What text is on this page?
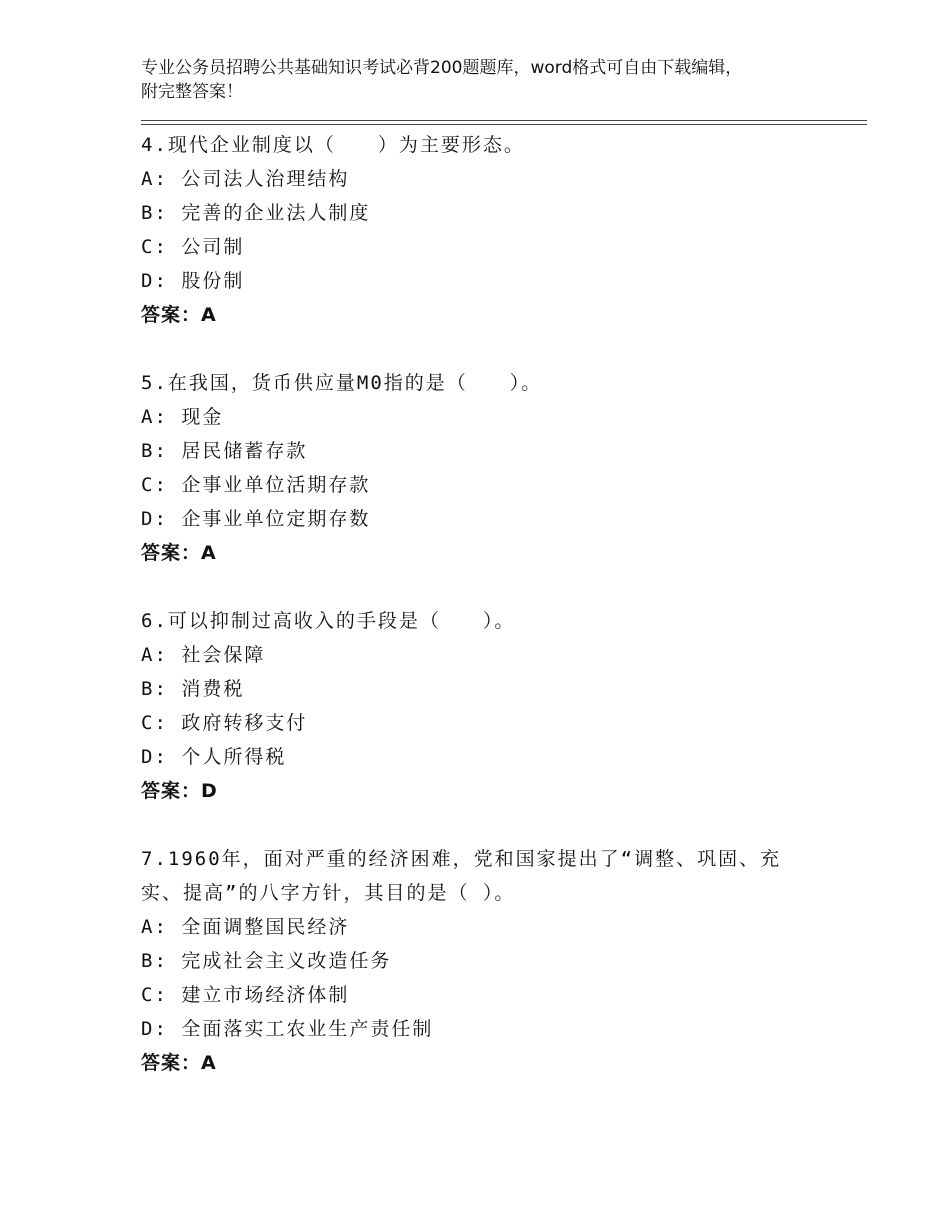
专业公务员招聘公共基础知识考试必背200题题库，word格式可自由下载编辑，
附完整答案！
4.现代企业制度以（　　）为主要形态。
A: 公司法人治理结构
B: 完善的企业法人制度
C: 公司制
D: 股份制
答案：A
5.在我国，货币供应量M0指的是（　　）。
A: 现金
B: 居民储蓄存款
C: 企事业单位活期存款
D: 企事业单位定期存数
答案：A
6.可以抑制过高收入的手段是（　　）。
A: 社会保障
B: 消费税
C: 政府转移支付
D: 个人所得税
答案：D
7.1960年，面对严重的经济困难，党和国家提出了“调整、巩固、充
实、提高”的八字方针，其目的是（ ）。
A: 全面调整国民经济
B: 完成社会主义改造任务
C: 建立市场经济体制
D: 全面落实工农业生产责任制
答案：A
